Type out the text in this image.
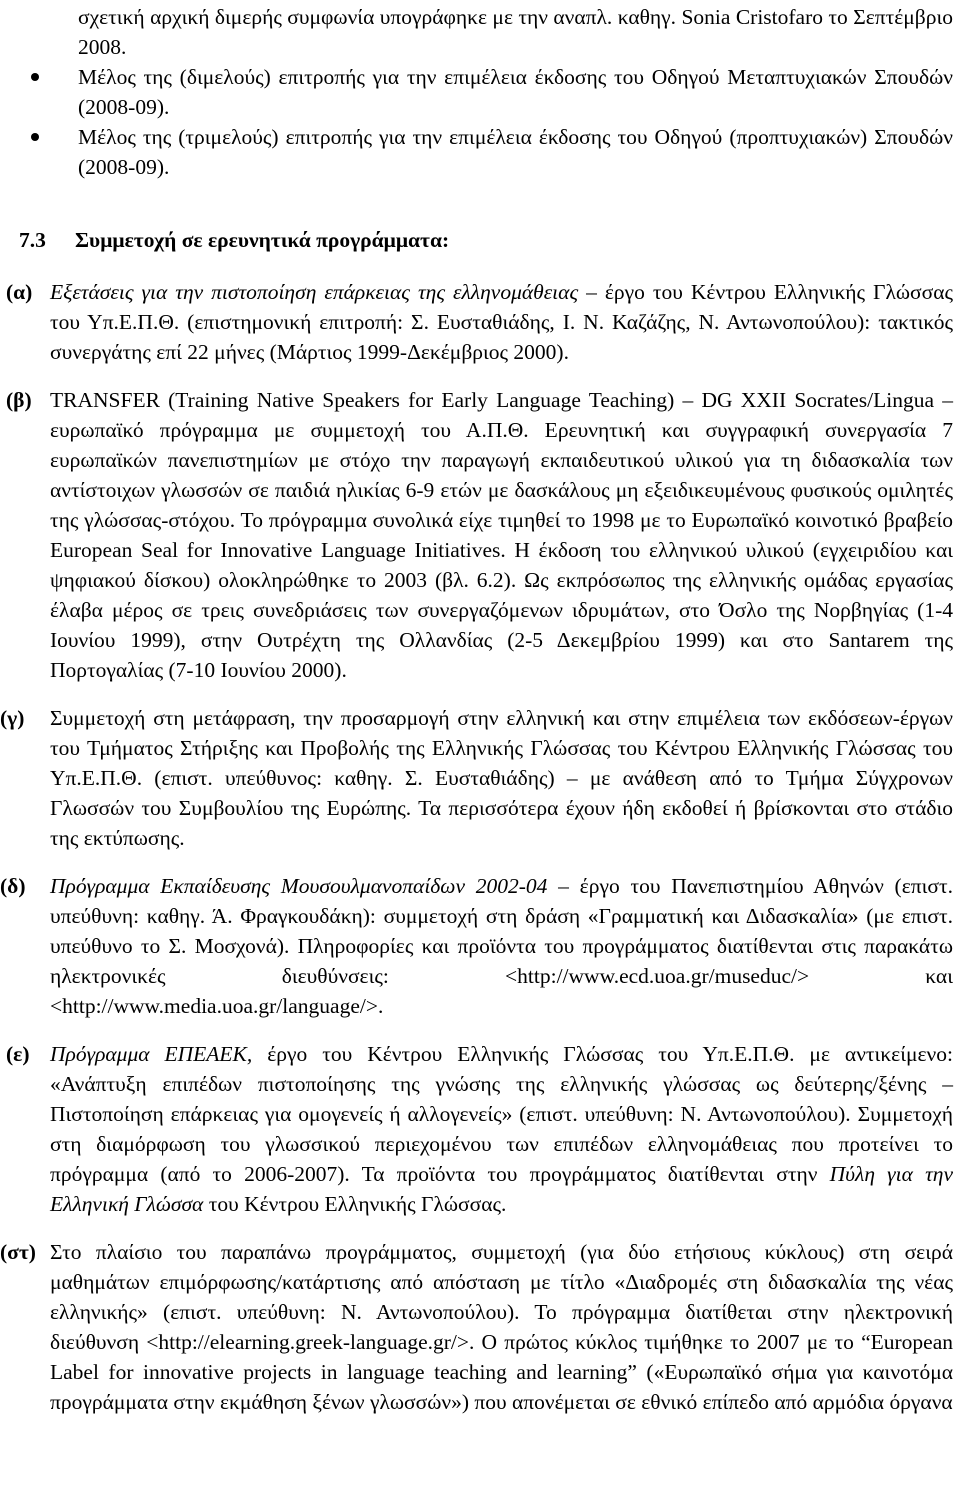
σχετική αρχική διμερής συμφωνία υπογράφηκε με την αναπλ. καθηγ. Sonia Cristofaro το Σεπτέμβριο 2008.
Μέλος της (διμελούς) επιτροπής για την επιμέλεια έκδοσης του Οδηγού Μεταπτυχιακών Σπουδών (2008-09).
Μέλος της (τριμελούς) επιτροπής για την επιμέλεια έκδοσης του Οδηγού (προπτυχιακών) Σπουδών (2008-09).
7.3 Συμμετοχή σε ερευνητικά προγράμματα:
(α) Εξετάσεις για την πιστοποίηση επάρκειας της ελληνομάθειας – έργο του Κέντρου Ελληνικής Γλώσσας του Υπ.Ε.Π.Θ. (επιστημονική επιτροπή: Σ. Ευσταθιάδης, Ι. Ν. Καζάζης, Ν. Αντωνοπούλου): τακτικός συνεργάτης επί 22 μήνες (Μάρτιος 1999-Δεκέμβριος 2000).
(β) TRANSFER (Training Native Speakers for Early Language Teaching) – DG XXII Socrates/Lingua – ευρωπαϊκό πρόγραμμα με συμμετοχή του Α.Π.Θ. Ερευνητική και συγγραφική συνεργασία 7 ευρωπαϊκών πανεπιστημίων με στόχο την παραγωγή εκπαιδευτικού υλικού για τη διδασκαλία των αντίστοιχων γλωσσών σε παιδιά ηλικίας 6-9 ετών με δασκάλους μη εξειδικευμένους φυσικούς ομιλητές της γλώσσας-στόχου. Το πρόγραμμα συνολικά είχε τιμηθεί το 1998 με το Ευρωπαϊκό κοινοτικό βραβείο European Seal for Innovative Language Initiatives. Η έκδοση του ελληνικού υλικού (εγχειριδίου και ψηφιακού δίσκου) ολοκληρώθηκε το 2003 (βλ. 6.2). Ως εκπρόσωπος της ελληνικής ομάδας εργασίας έλαβα μέρος σε τρεις συνεδριάσεις των συνεργαζόμενων ιδρυμάτων, στο Όσλο της Νορβηγίας (1-4 Ιουνίου 1999), στην Ουτρέχτη της Ολλανδίας (2-5 Δεκεμβρίου 1999) και στο Santarem της Πορτογαλίας (7-10 Ιουνίου 2000).
(γ) Συμμετοχή στη μετάφραση, την προσαρμογή στην ελληνική και στην επιμέλεια των εκδόσεων-έργων του Τμήματος Στήριξης και Προβολής της Ελληνικής Γλώσσας του Κέντρου Ελληνικής Γλώσσας του Υπ.Ε.Π.Θ. (επιστ. υπεύθυνος: καθηγ. Σ. Ευσταθιάδης) – με ανάθεση από το Τμήμα Σύγχρονων Γλωσσών του Συμβουλίου της Ευρώπης. Τα περισσότερα έχουν ήδη εκδοθεί ή βρίσκονται στο στάδιο της εκτύπωσης.
(δ) Πρόγραμμα Εκπαίδευσης Μουσουλμανοπαίδων 2002-04 – έργο του Πανεπιστημίου Αθηνών (επιστ. υπεύθυνη: καθηγ. Ά. Φραγκουδάκη): συμμετοχή στη δράση «Γραμματική και Διδασκαλία» (με επιστ. υπεύθυνο το Σ. Μοσχονά). Πληροφορίες και προϊόντα του προγράμματος διατίθενται στις παρακάτω ηλεκτρονικές διευθύνσεις: <http://www.ecd.uoa.gr/museduc/> και <http://www.media.uoa.gr/language/>.
(ε) Πρόγραμμα ΕΠΕΑΕΚ, έργο του Κέντρου Ελληνικής Γλώσσας του Υπ.Ε.Π.Θ. με αντικείμενο: «Ανάπτυξη επιπέδων πιστοποίησης της γνώσης της ελληνικής γλώσσας ως δεύτερης/ξένης – Πιστοποίηση επάρκειας για ομογενείς ή αλλογενείς» (επιστ. υπεύθυνη: Ν. Αντωνοπούλου). Συμμετοχή στη διαμόρφωση του γλωσσικού περιεχομένου των επιπέδων ελληνομάθειας που προτείνει το πρόγραμμα (από το 2006-2007). Τα προϊόντα του προγράμματος διατίθενται στην Πύλη για την Ελληνική Γλώσσα του Κέντρου Ελληνικής Γλώσσας.
(στ) Στο πλαίσιο του παραπάνω προγράμματος, συμμετοχή (για δύο ετήσιους κύκλους) στη σειρά μαθημάτων επιμόρφωσης/κατάρτισης από απόσταση με τίτλο «Διαδρομές στη διδασκαλία της νέας ελληνικής» (επιστ. υπεύθυνη: Ν. Αντωνοπούλου). Το πρόγραμμα διατίθεται στην ηλεκτρονική διεύθυνση <http://elearning.greek-language.gr/>. Ο πρώτος κύκλος τιμήθηκε το 2007 με το “European Label for innovative projects in language teaching and learning” («Ευρωπαϊκό σήμα για καινοτόμα προγράμματα στην εκμάθηση ξένων γλωσσών») που απονέμεται σε εθνικό επίπεδο από αρμόδια όργανα
